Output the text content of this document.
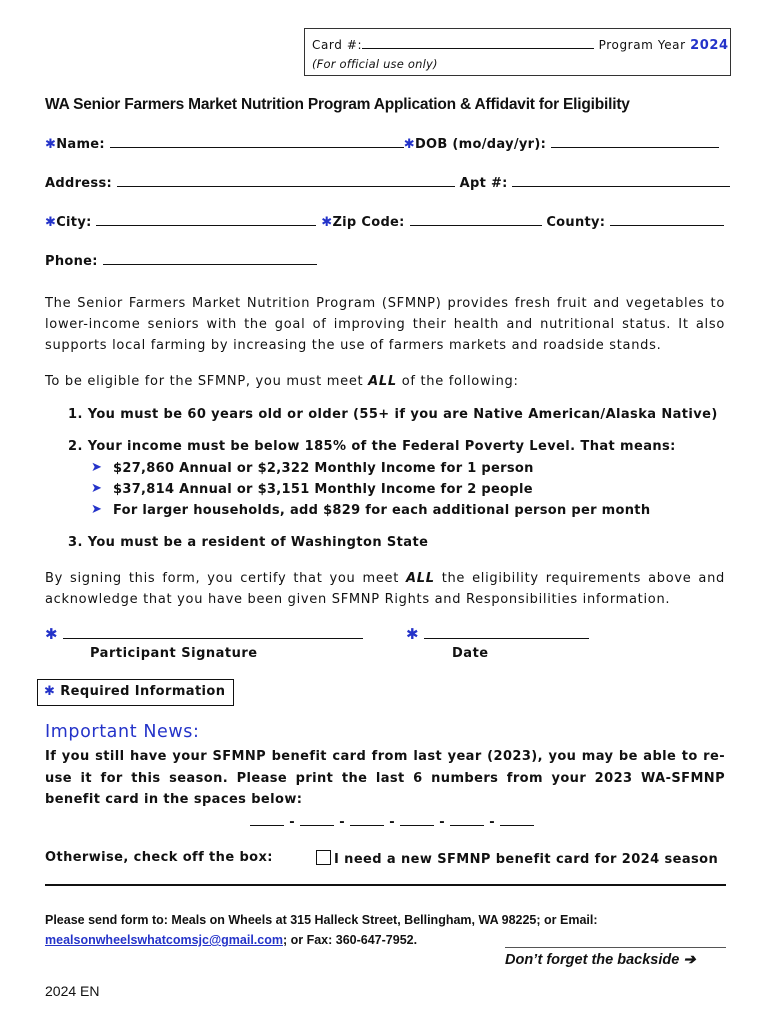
Card #:	Program Year 2024
(For official use only)
WA Senior Farmers Market Nutrition Program Application & Affidavit for Eligibility
✱Name:	✱DOB (mo/day/yr):
Address:	Apt #:
✱City:	✱Zip Code:	County:
Phone:
The Senior Farmers Market Nutrition Program (SFMNP) provides fresh fruit and vegetables to lower-income seniors with the goal of improving their health and nutritional status. It also supports local farming by increasing the use of farmers markets and roadside stands.
To be eligible for the SFMNP, you must meet ALL of the following:
1. You must be 60 years old or older (55+ if you are Native American/Alaska Native)
2. Your income must be below 185% of the Federal Poverty Level. That means:
➤ $27,860 Annual or $2,322 Monthly Income for 1 person
➤ $37,814 Annual or $3,151 Monthly Income for 2 people
➤ For larger households, add $829 for each additional person per month
3. You must be a resident of Washington State
By signing this form, you certify that you meet ALL the eligibility requirements above and acknowledge that you have been given SFMNP Rights and Responsibilities information.
✱	✱
Participant Signature	Date
✱ Required Information
Important News:
If you still have your SFMNP benefit card from last year (2023), you may be able to re-use it for this season. Please print the last 6 numbers from your 2023 WA-SFMNP benefit card in the spaces below:
-	-	-	-	-
Otherwise, check off the box:	I need a new SFMNP benefit card for 2024 season
Please send form to: Meals on Wheels at 315 Halleck Street, Bellingham, WA 98225; or Email:
mealsonwheelswhatcomsjc@gmail.com; or Fax: 360-647-7952.
Don’t forget the backside ➔
2024 EN
